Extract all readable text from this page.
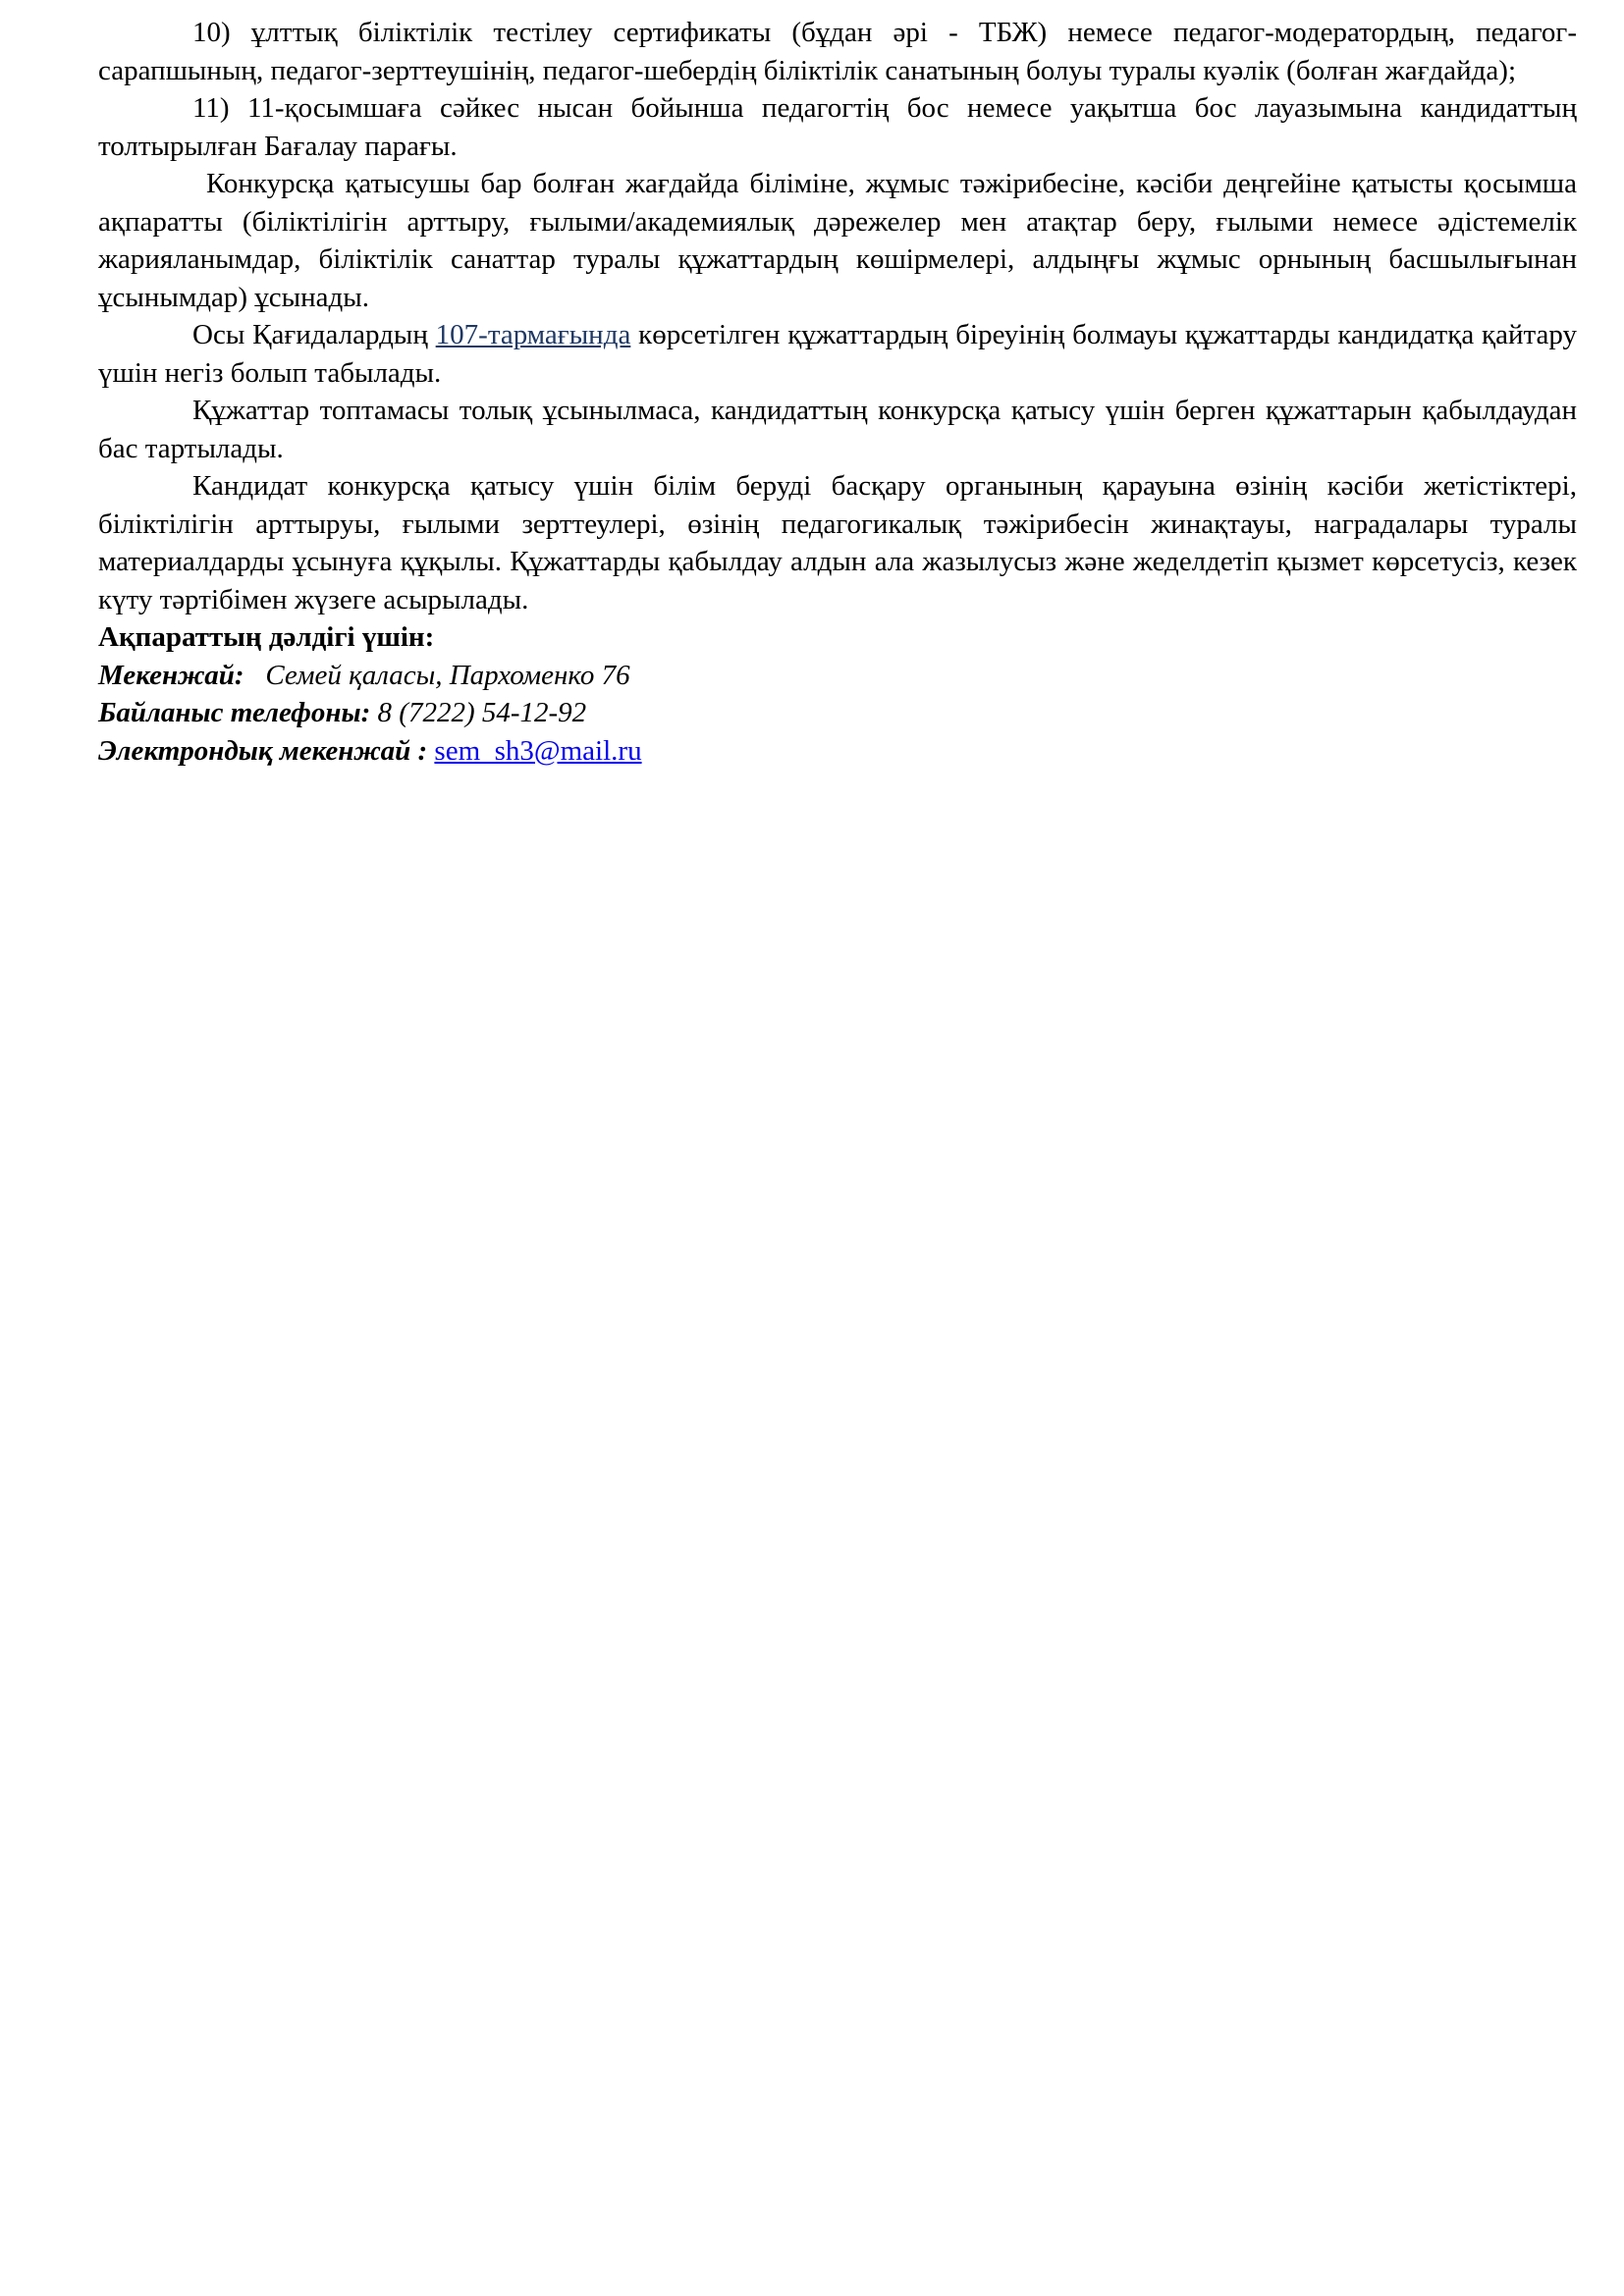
10) ұлттық біліктілік тестілеу сертификаты (бұдан әрі - ТБЖ) немесе педагог-модератордың, педагог-сарапшының, педагог-зерттеушінің, педагог-шебердің біліктілік санатының болуы туралы куәлік (болған жағдайда);

11) 11-қосымшаға сәйкес нысан бойынша педагогтің бос немесе уақытша бос лауазымына кандидаттың толтырылған Бағалау парағы.

Конкурсқа қатысушы бар болған жағдайда біліміне, жұмыс тәжірибесіне, кәсіби деңгейіне қатысты қосымша ақпаратты (біліктілігін арттыру, ғылыми/академиялық дәрежелер мен атақтар беру, ғылыми немесе әдістемелік жарияланымдар, біліктілік санаттар туралы құжаттардың көшірмелері, алдыңғы жұмыс орнының басшылығынан ұсынымдар) ұсынады.

Осы Қағидалардың 107-тармағында көрсетілген құжаттардың біреуінің болмауы құжаттарды кандидатқа қайтару үшін негіз болып табылады.

Құжаттар топтамасы толық ұсынылмаса, кандидаттың конкурсқа қатысу үшін берген құжаттарын қабылдаудан бас тартылады.

Кандидат конкурсқа қатысу үшін білім беруді басқару органының қарауына өзінің кәсіби жетістіктері, біліктілігін арттыруы, ғылыми зерттеулері, өзінің педагогикалық тәжірибесін жинақтауы, наградалары туралы материалдарды ұсынуға құқылы. Құжаттарды қабылдау алдын ала жазылусыз және жеделдетіп қызмет көрсетусіз, кезек күту тәртібімен жүзеге асырылады.

Ақпараттың дәлдігі үшін:

Мекенжай: Семей қаласы, Пархоменко 76

Байланыс телефоны: 8 (7222) 54-12-92

Электрондық мекенжай : sem_sh3@mail.ru
